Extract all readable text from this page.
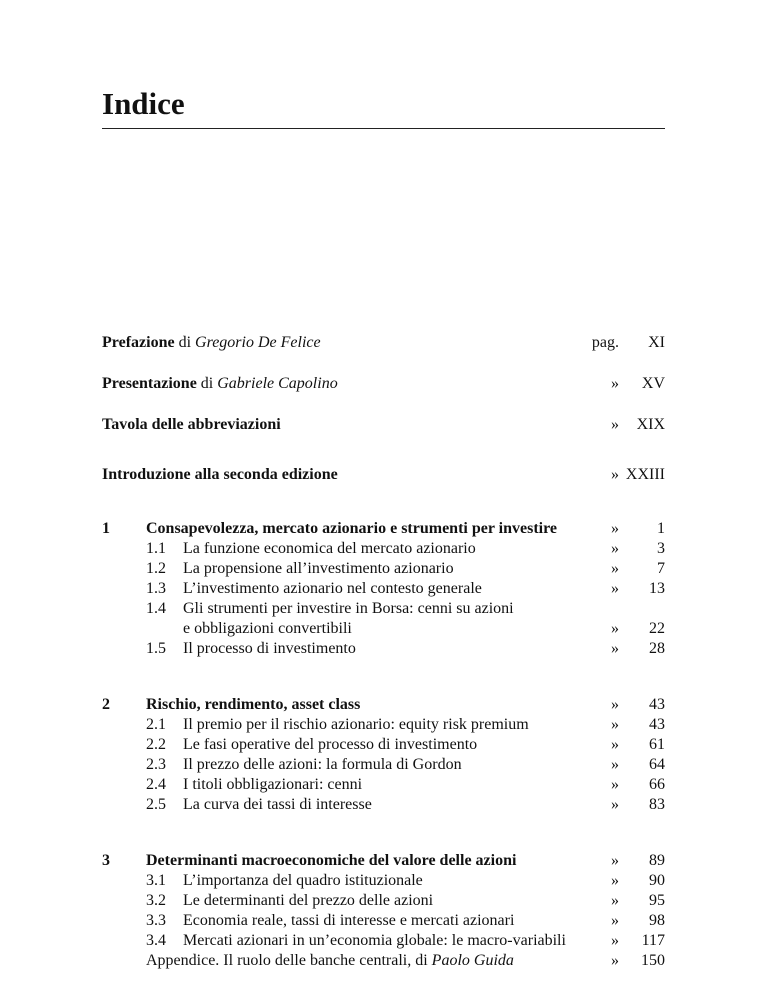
Indice
Prefazione di Gregorio De Felice	pag.	XI
Presentazione di Gabriele Capolino	»	XV
Tavola delle abbreviazioni	»	XIX
Introduzione alla seconda edizione	» XXIII
1 Consapevolezza, mercato azionario e strumenti per investire	»	1
1.1 La funzione economica del mercato azionario	»	3
1.2 La propensione all’investimento azionario	»	7
1.3 L’investimento azionario nel contesto generale	»	13
1.4 Gli strumenti per investire in Borsa: cenni su azioni
e obbligazioni convertibili	»	22
1.5 Il processo di investimento	»	28
2 Rischio, rendimento, asset class	»	43
2.1 Il premio per il rischio azionario: equity risk premium	»	43
2.2 Le fasi operative del processo di investimento	»	61
2.3 Il prezzo delle azioni: la formula di Gordon	»	64
2.4 I titoli obbligazionari: cenni	»	66
2.5 La curva dei tassi di interesse	»	83
3 Determinanti macroeconomiche del valore delle azioni	»	89
3.1 L’importanza del quadro istituzionale	»	90
3.2 Le determinanti del prezzo delle azioni	»	95
3.3 Economia reale, tassi di interesse e mercati azionari	»	98
3.4 Mercati azionari in un’economia globale: le macro-variabili	»	117
Appendice. Il ruolo delle banche centrali, di Paolo Guida	»	150
